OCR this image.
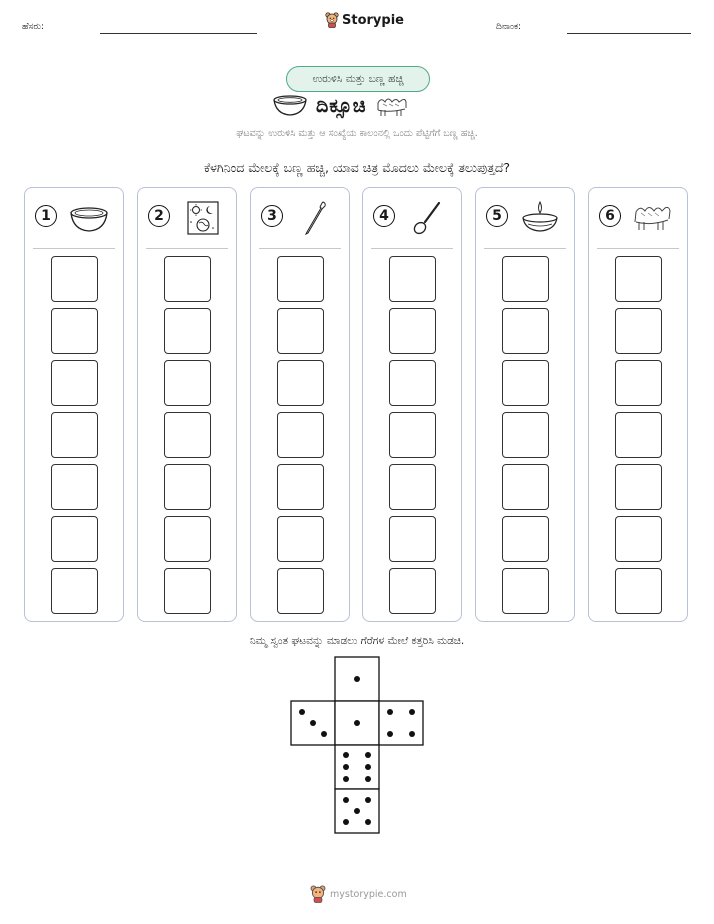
ಹೆಸರು:	Storypie	ದಿನಾಂಕ:
ಉರುಳಿಸಿ ಮತ್ತು ಬಣ್ಣ ಹಚ್ಚಿ
ದಿಕ್ಸೂಚಿ
ಘಟವನ್ನು ಉರುಳಿಸಿ ಮತ್ತು ಆ ಸಂಖ್ಯೆಯ ಕಾಲಂನಲ್ಲಿ ಒಂದು ಪೆಟ್ಟಿಗೆಗೆ ಬಣ್ಣ ಹಚ್ಚಿ.
ಕೆಳಗಿನಿಂದ ಮೇಲಕ್ಕೆ ಬಣ್ಣ ಹಚ್ಚಿ, ಯಾವ ಚಿತ್ರ ಮೊದಲು ಮೇಲಕ್ಕೆ ತಲುಪುತ್ತದೆ?
1	2	3	4	5	6
ನಿಮ್ಮ ಸ್ವಂತ ಘಟವನ್ನು ಮಾಡಲು ಗೆರೆಗಳ ಮೇಲೆ ಕತ್ತರಿಸಿ ಮಡಚಿ.
mystorypie.com
